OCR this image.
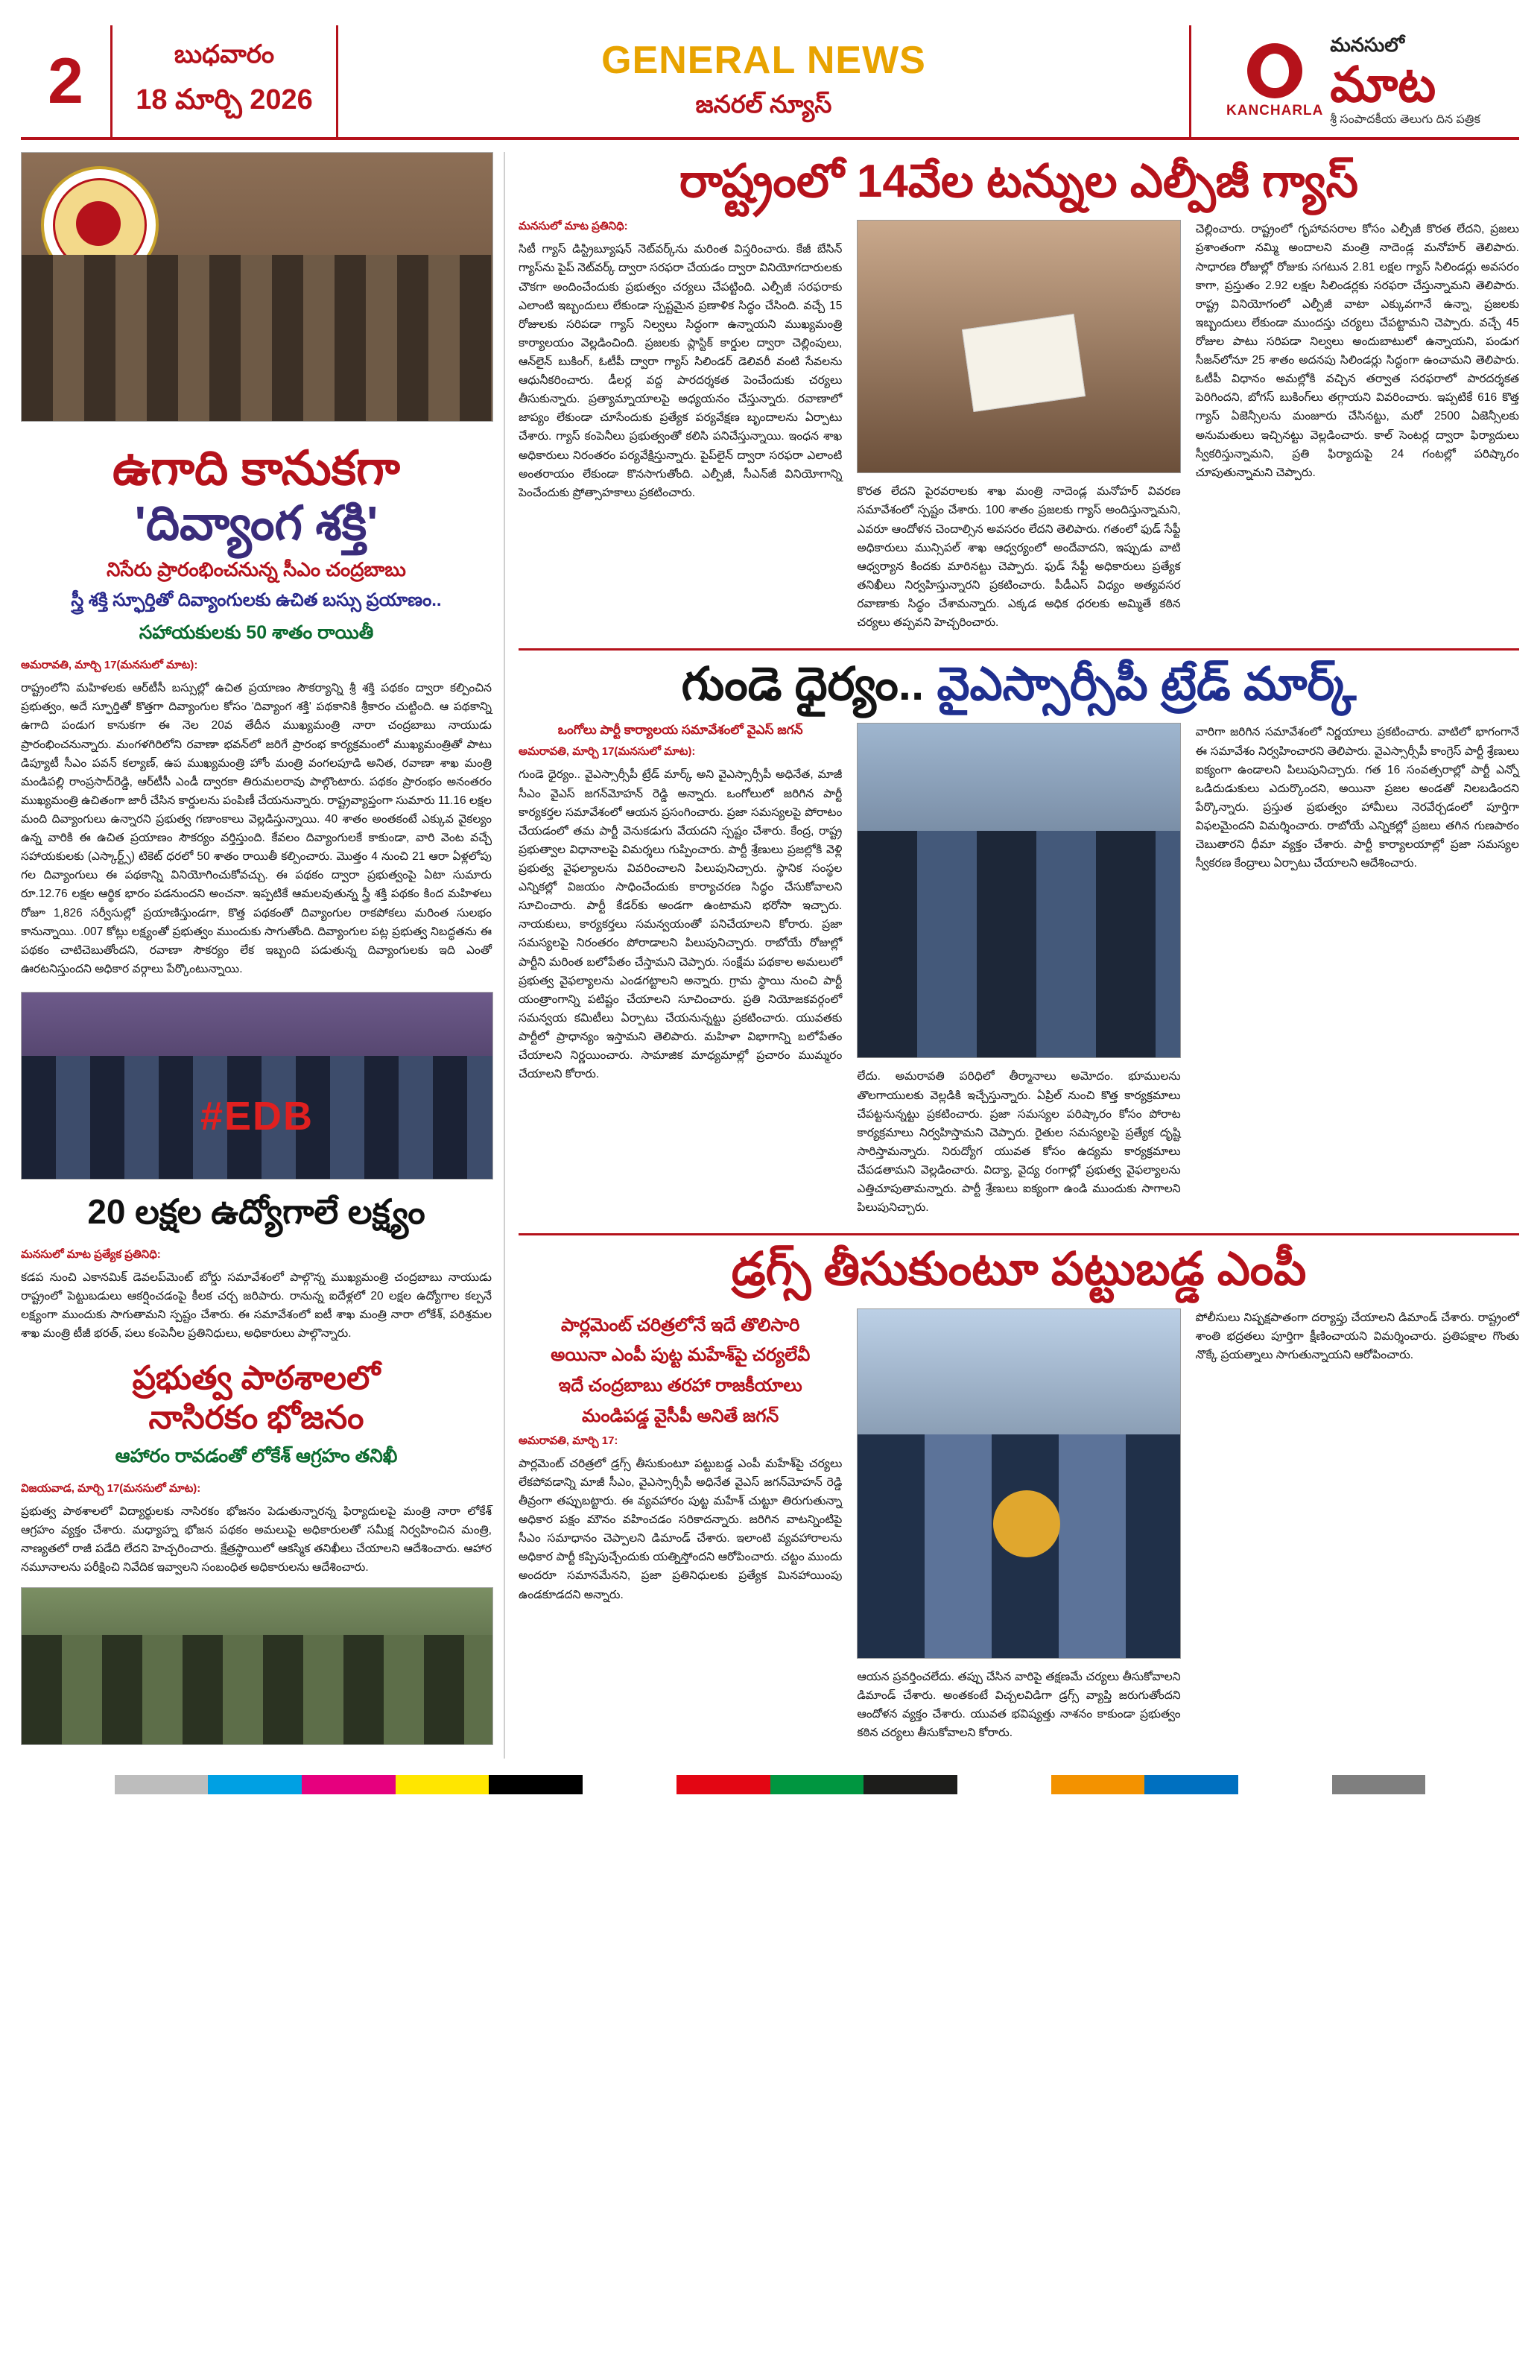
2	బుధవారం
18 మార్చి 2026
GENERAL NEWS
జనరల్ న్యూస్	KANCHARLA
మనసులో
మాట
శ్రీ సంపాదకీయ తెలుగు దిన పత్రిక
ఉగాది కానుకగా
'దివ్యాంగ శక్తి'
నిసేరు ప్రారంభించనున్న సీఎం చంద్రబాబు
స్త్రీ శక్తి స్ఫూర్తితో దివ్యాంగులకు ఉచిత బస్సు ప్రయాణం..
సహాయకులకు 50 శాతం రాయితీ
అమరావతి, మార్చి 17(మనసులో మాట):
రాష్ట్రంలోని మహిళలకు ఆర్‌టీసీ బస్సుల్లో ఉచిత ప్రయాణం సౌకర్యాన్ని శ్రీ శక్తి పథకం ద్వారా కల్పించిన ప్రభుత్వం, అదే స్ఫూర్తితో కొత్తగా దివ్యాంగుల కోసం 'దివ్యాంగ శక్తి' పథకానికి శ్రీకారం చుట్టింది. ఆ పథకాన్ని ఉగాది పండుగ కానుకగా ఈ నెల 20వ తేదీన ముఖ్యమంత్రి నారా చంద్రబాబు నాయుడు ప్రారంభించనున్నారు. మంగళగిరిలోని రవాణా భవన్‌లో జరిగే ప్రారంభ కార్యక్రమంలో ముఖ్యమంత్రితో పాటు డిప్యూటీ సీఎం పవన్ కల్యాణ్, ఉప ముఖ్యమంత్రి హోం మంత్రి వంగలపూడి అనిత, రవాణా శాఖ మంత్రి మండిపల్లి రాంప్రసాద్‌రెడ్డి, ఆర్‌టీసీ ఎండీ ద్వారకా తిరుమలరావు పాల్గొంటారు. పథకం ప్రారంభం అనంతరం ముఖ్యమంత్రి ఉచితంగా జారీ చేసిన కార్డులను పంపిణీ చేయనున్నారు. రాష్ట్రవ్యాప్తంగా సుమారు 11.16 లక్షల మంది దివ్యాంగులు ఉన్నారని ప్రభుత్వ గణాంకాలు వెల్లడిస్తున్నాయి. 40 శాతం అంతకంటే ఎక్కువ వైకల్యం ఉన్న వారికి ఈ ఉచిత ప్రయాణం సౌకర్యం వర్తిస్తుంది. కేవలం దివ్యాంగులకే కాకుండా, వారి వెంట వచ్చే సహాయకులకు (ఎస్కార్ట్స్) టికెట్ ధరలో 50 శాతం రాయితీ కల్పించారు. మొత్తం 4 నుంచి 21 ఆరా ఏళ్లలోపు గల దివ్యాంగులు ఈ పథకాన్ని వినియోగించుకోవచ్చు. ఈ పథకం ద్వారా ప్రభుత్వంపై ఏటా సుమారు రూ.12.76 లక్షల ఆర్థిక భారం పడనుందని అంచనా. ఇప్పటికే ఆమలవుతున్న స్త్రీ శక్తి పథకం కింద మహిళలు రోజూ 1,826 సర్వీసుల్లో ప్రయాణిస్తుండగా, కొత్త పథకంతో దివ్యాంగుల రాకపోకలు మరింత సులభం కానున్నాయి. .007 కోట్లు లక్ష్యంతో ప్రభుత్వం ముందుకు సాగుతోంది. దివ్యాంగుల పట్ల ప్రభుత్వ నిబద్ధతను ఈ పథకం చాటిచెబుతోందని, రవాణా సౌకర్యం లేక ఇబ్బంది పడుతున్న దివ్యాంగులకు ఇది ఎంతో ఊరటనిస్తుందని అధికార వర్గాలు పేర్కొంటున్నాయి.
#EDB
20 లక్షల ఉద్యోగాలే లక్ష్యం
మనసులో మాట ప్రత్యేక ప్రతినిధి:
కడప నుంచి ఎకానమిక్ డెవలప్‌మెంట్ బోర్డు సమావేశంలో పాల్గొన్న ముఖ్యమంత్రి చంద్రబాబు నాయుడు రాష్ట్రంలో పెట్టుబడులు ఆకర్షించడంపై కీలక చర్చ జరిపారు. రానున్న ఐదేళ్లలో 20 లక్షల ఉద్యోగాల కల్పనే లక్ష్యంగా ముందుకు సాగుతామని స్పష్టం చేశారు. ఈ సమావేశంలో ఐటీ శాఖ మంత్రి నారా లోకేశ్, పరిశ్రమల శాఖ మంత్రి టీజీ భరత్, పలు కంపెనీల ప్రతినిధులు, అధికారులు పాల్గొన్నారు.
ప్రభుత్వ పాఠశాలలో
నాసిరకం భోజనం
ఆహారం రావడంతో లోకేశ్ ఆగ్రహం తనిఖీ
విజయవాడ, మార్చి 17(మనసులో మాట):
ప్రభుత్వ పాఠశాలలో విద్యార్థులకు నాసిరకం భోజనం పెడుతున్నారన్న ఫిర్యాదులపై మంత్రి నారా లోకేశ్ ఆగ్రహం వ్యక్తం చేశారు. మధ్యాహ్న భోజన పథకం అమలుపై అధికారులతో సమీక్ష నిర్వహించిన మంత్రి, నాణ్యతలో రాజీ పడేది లేదని హెచ్చరించారు. క్షేత్రస్థాయిలో ఆకస్మిక తనిఖీలు చేయాలని ఆదేశించారు. ఆహార నమూనాలను పరీక్షించి నివేదిక ఇవ్వాలని సంబంధిత అధికారులను ఆదేశించారు.
రాష్ట్రంలో 14వేల టన్నుల ఎల్పీజీ గ్యాస్
మనసులో మాట ప్రతినిధి:
సిటీ గ్యాస్ డిస్ట్రిబ్యూషన్ నెట్‌వర్క్‌ను మరింత విస్తరించారు. కేజీ బేసిన్ గ్యాస్‌ను పైప్ నెట్‌వర్క్ ద్వారా సరఫరా చేయడం ద్వారా వినియోగదారులకు చౌకగా అందించేందుకు ప్రభుత్వం చర్యలు చేపట్టింది. ఎల్పీజీ సరఫరాకు ఎలాంటి ఇబ్బందులు లేకుండా స్పష్టమైన ప్రణాళిక సిద్ధం చేసింది. వచ్చే 15 రోజులకు సరిపడా గ్యాస్ నిల్వలు సిద్ధంగా ఉన్నాయని ముఖ్యమంత్రి కార్యాలయం వెల్లడించింది. ప్రజలకు ప్లాస్టిక్ కార్డుల ద్వారా చెల్లింపులు, ఆన్‌లైన్ బుకింగ్, ఓటీపీ ద్వారా గ్యాస్ సిలిండర్ డెలివరీ వంటి సేవలను ఆధునీకరించారు. డీలర్ల వద్ద పారదర్శకత పెంచేందుకు చర్యలు తీసుకున్నారు. ప్రత్యామ్నాయాలపై అధ్యయనం చేస్తున్నారు. రవాణాలో జాప్యం లేకుండా చూసేందుకు ప్రత్యేక పర్యవేక్షణ బృందాలను ఏర్పాటు చేశారు. గ్యాస్ కంపెనీలు ప్రభుత్వంతో కలిసి పనిచేస్తున్నాయి. ఇంధన శాఖ అధికారులు నిరంతరం పర్యవేక్షిస్తున్నారు. పైప్‌లైన్ ద్వారా సరఫరా ఎలాంటి అంతరాయం లేకుండా కొనసాగుతోంది. ఎల్పీజీ, సీఎన్‌జీ వినియోగాన్ని పెంచేందుకు ప్రోత్సాహకాలు ప్రకటించారు.	కొరత లేదని పైరవరాలకు శాఖ మంత్రి నాదెండ్ల మనోహర్ వివరణ సమావేశంలో స్పష్టం చేశారు. 100 శాతం ప్రజలకు గ్యాస్ అందిస్తున్నామని, ఎవరూ ఆందోళన చెందాల్సిన అవసరం లేదని తెలిపారు. గతంలో ఫుడ్ సేఫ్టీ అధికారులు మున్సిపల్ శాఖ ఆధ్వర్యంలో అందేవాదని, ఇప్పుడు వాటి ఆధ్వర్యాన కిందకు మారినట్టు చెప్పారు. ఫుడ్ సేఫ్టీ అధికారులు ప్రత్యేక తనిఖీలు నిర్వహిస్తున్నారని ప్రకటించారు. పీడీఎస్ విధ్యం అత్యవసర రవాణాకు సిద్ధం చేశామన్నారు. ఎక్కడ అధిక ధరలకు అమ్మితే కఠిన చర్యలు తప్పవని హెచ్చరించారు.
చెల్లించారు. రాష్ట్రంలో గృహావసరాల కోసం ఎల్పీజీ కొరత లేదని, ప్రజలు ప్రశాంతంగా నమ్మి అందాలని మంత్రి నాదెండ్ల మనోహర్ తెలిపారు. సాధారణ రోజుల్లో రోజుకు సగటున 2.81 లక్షల గ్యాస్ సిలిండర్లు అవసరం కాగా, ప్రస్తుతం 2.92 లక్షల సిలిండర్లకు సరఫరా చేస్తున్నామని తెలిపారు. రాష్ట్ర వినియోగంలో ఎల్పీజీ వాటా ఎక్కువగానే ఉన్నా, ప్రజలకు ఇబ్బందులు లేకుండా ముందస్తు చర్యలు చేపట్టామని చెప్పారు. వచ్చే 45 రోజుల పాటు సరిపడా నిల్వలు అందుబాటులో ఉన్నాయని, పండుగ సీజన్‌లోనూ 25 శాతం అదనపు సిలిండర్లు సిద్ధంగా ఉంచామని తెలిపారు. ఓటీపీ విధానం అమల్లోకి వచ్చిన తర్వాత సరఫరాలో పారదర్శకత పెరిగిందని, బోగస్ బుకింగ్‌లు తగ్గాయని వివరించారు. ఇప్పటికే 616 కొత్త గ్యాస్ ఏజెన్సీలను మంజూరు చేసినట్టు, మరో 2500 ఏజెన్సీలకు అనుమతులు ఇచ్చినట్టు వెల్లడించారు. కాల్ సెంటర్ల ద్వారా ఫిర్యాదులు స్వీకరిస్తున్నామని, ప్రతి ఫిర్యాదుపై 24 గంటల్లో పరిష్కారం చూపుతున్నామని చెప్పారు.
గుండె ధైర్యం.. వైఎస్సార్సీపీ ట్రేడ్ మార్క్
ఒంగోలు పార్టీ కార్యాలయ సమావేశంలో వైఎస్ జగన్
అమరావతి, మార్చి 17(మనసులో మాట):
గుండె ధైర్యం.. వైఎస్సార్సీపీ ట్రేడ్ మార్క్ అని వైఎస్సార్సీపీ అధినేత, మాజీ సీఎం వైఎస్ జగన్‌మోహన్ రెడ్డి అన్నారు. ఒంగోలులో జరిగిన పార్టీ కార్యకర్తల సమావేశంలో ఆయన ప్రసంగించారు. ప్రజా సమస్యలపై పోరాటం చేయడంలో తమ పార్టీ వెనుకడుగు వేయదని స్పష్టం చేశారు. కేంద్ర, రాష్ట్ర ప్రభుత్వాల విధానాలపై విమర్శలు గుప్పించారు. పార్టీ శ్రేణులు ప్రజల్లోకి వెళ్లి ప్రభుత్వ వైఫల్యాలను వివరించాలని పిలుపునిచ్చారు. స్థానిక సంస్థల ఎన్నికల్లో విజయం సాధించేందుకు కార్యాచరణ సిద్ధం చేసుకోవాలని సూచించారు. పార్టీ కేడర్‌కు అండగా ఉంటామని భరోసా ఇచ్చారు. నాయకులు, కార్యకర్తలు సమన్వయంతో పనిచేయాలని కోరారు. ప్రజా సమస్యలపై నిరంతరం పోరాడాలని పిలుపునిచ్చారు. రాబోయే రోజుల్లో పార్టీని మరింత బలోపేతం చేస్తామని చెప్పారు. సంక్షేమ పథకాల అమలులో ప్రభుత్వ వైఫల్యాలను ఎండగట్టాలని అన్నారు. గ్రామ స్థాయి నుంచి పార్టీ యంత్రాంగాన్ని పటిష్టం చేయాలని సూచించారు. ప్రతి నియోజకవర్గంలో సమన్వయ కమిటీలు ఏర్పాటు చేయనున్నట్టు ప్రకటించారు. యువతకు పార్టీలో ప్రాధాన్యం ఇస్తామని తెలిపారు. మహిళా విభాగాన్ని బలోపేతం చేయాలని నిర్ణయించారు. సామాజిక మాధ్యమాల్లో ప్రచారం ముమ్మరం చేయాలని కోరారు.	లేదు. అమరావతి పరిధిలో తీర్మానాలు అమోదం. భూములను తొలగాయులకు వెల్లడికి ఇచ్చేస్తున్నారు. ఏప్రిల్ నుంచి కొత్త కార్యక్రమాలు చేపట్టనున్నట్టు ప్రకటించారు. ప్రజా సమస్యల పరిష్కారం కోసం పోరాట కార్యక్రమాలు నిర్వహిస్తామని చెప్పారు. రైతుల సమస్యలపై ప్రత్యేక దృష్టి సారిస్తామన్నారు. నిరుద్యోగ యువత కోసం ఉద్యమ కార్యక్రమాలు చేపడతామని వెల్లడించారు. విద్యా, వైద్య రంగాల్లో ప్రభుత్వ వైఫల్యాలను ఎత్తిచూపుతామన్నారు. పార్టీ శ్రేణులు ఐక్యంగా ఉండి ముందుకు సాగాలని పిలుపునిచ్చారు.
వారిగా జరిగిన సమావేశంలో నిర్ణయాలు ప్రకటించారు. వాటిలో భాగంగానే ఈ సమావేశం నిర్వహించారని తెలిపారు. వైఎస్సార్సీపీ కాంగ్రెస్ పార్టీ శ్రేణులు ఐక్యంగా ఉండాలని పిలుపునిచ్చారు. గత 16 సంవత్సరాల్లో పార్టీ ఎన్నో ఒడిదుడుకులు ఎదుర్కొందని, అయినా ప్రజల అండతో నిలబడిందని పేర్కొన్నారు. ప్రస్తుత ప్రభుత్వం హామీలు నెరవేర్చడంలో పూర్తిగా విఫలమైందని విమర్శించారు. రాబోయే ఎన్నికల్లో ప్రజలు తగిన గుణపాఠం చెబుతారని ధీమా వ్యక్తం చేశారు. పార్టీ కార్యాలయాల్లో ప్రజా సమస్యల స్వీకరణ కేంద్రాలు ఏర్పాటు చేయాలని ఆదేశించారు.
డ్రగ్స్ తీసుకుంటూ పట్టుబడ్డ ఎంపీ
పార్లమెంట్ చరిత్రలోనే ఇదే తొలిసారి
అయినా ఎంపీ పుట్ట మహేశ్‌పై చర్యలేవీ
ఇదే చంద్రబాబు తరహా రాజకీయాలు
మండిపడ్డ వైసీపీ అనితే జగన్
అమరావతి, మార్చి 17:
పార్లమెంట్ చరిత్రలో డ్రగ్స్ తీసుకుంటూ పట్టుబడ్డ ఎంపీ మహేశ్‌పై చర్యలు లేకపోవడాన్ని మాజీ సీఎం, వైఎస్సార్సీపీ అధినేత వైఎస్ జగన్‌మోహన్ రెడ్డి తీవ్రంగా తప్పుబట్టారు. ఈ వ్యవహారం పుట్ట మహేశ్ చుట్టూ తిరుగుతున్నా అధికార పక్షం మౌనం వహించడం సరికాదన్నారు. జరిగిన వాటన్నింటిపై సీఎం సమాధానం చెప్పాలని డిమాండ్ చేశారు. ఇలాంటి వ్యవహారాలను అధికార పార్టీ కప్పిపుచ్చేందుకు యత్నిస్తోందని ఆరోపించారు. చట్టం ముందు అందరూ సమానమేనని, ప్రజా ప్రతినిధులకు ప్రత్యేక మినహాయింపు ఉండకూడదని అన్నారు.
ఆయన ప్రవర్తించలేదు. తప్పు చేసిన వారిపై తక్షణమే చర్యలు తీసుకోవాలని డిమాండ్ చేశారు. అంతకంటే విచ్చలవిడిగా డ్రగ్స్ వ్యాప్తి జరుగుతోందని ఆందోళన వ్యక్తం చేశారు. యువత భవిష్యత్తు నాశనం కాకుండా ప్రభుత్వం కఠిన చర్యలు తీసుకోవాలని కోరారు.
పోలీసులు నిష్పక్షపాతంగా దర్యాప్తు చేయాలని డిమాండ్ చేశారు. రాష్ట్రంలో శాంతి భద్రతలు పూర్తిగా క్షీణించాయని విమర్శించారు. ప్రతిపక్షాల గొంతు నొక్కే ప్రయత్నాలు సాగుతున్నాయని ఆరోపించారు.
